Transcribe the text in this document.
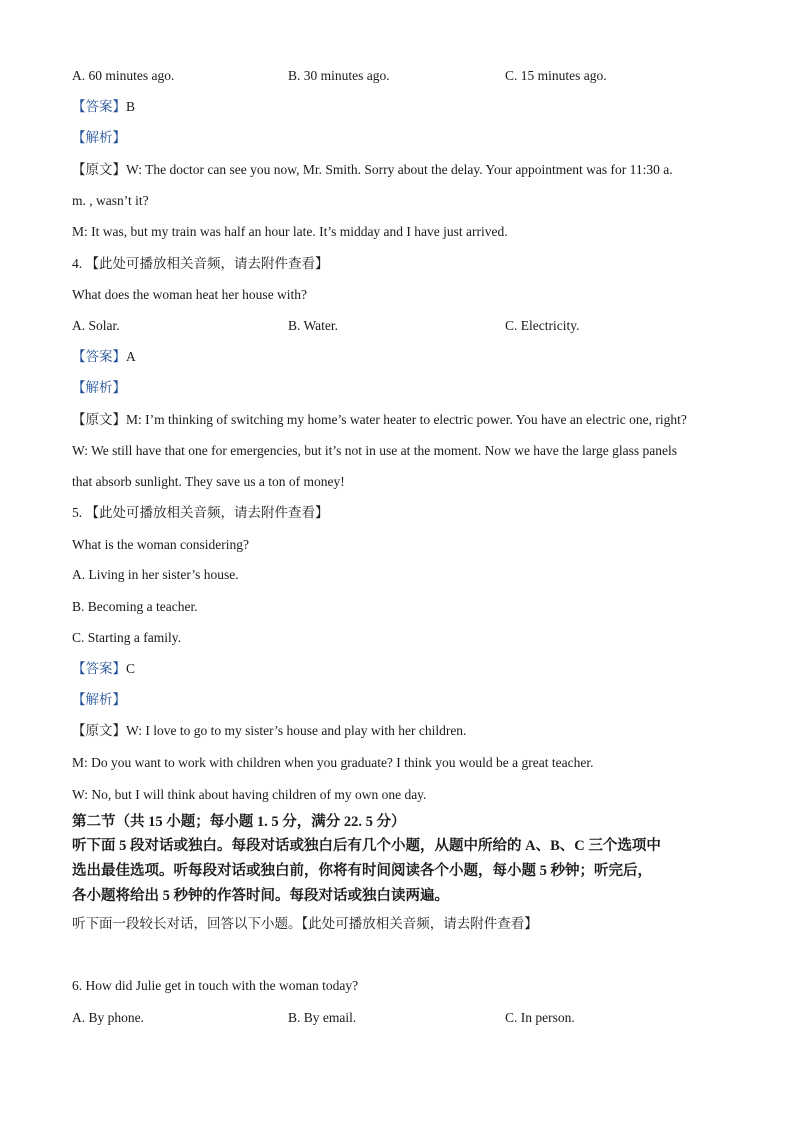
A. 60 minutes ago.	B. 30 minutes ago.	C. 15 minutes ago.
【答案】B
【解析】
【原文】W: The doctor can see you now, Mr. Smith. Sorry about the delay. Your appointment was for 11:30 a.
m. , wasn’t it?
M: It was, but my train was half an hour late. It’s midday and I have just arrived.
4. 【此处可播放相关音频，请去附件查看】
What does the woman heat her house with?
A. Solar.	B. Water.	C. Electricity.
【答案】A
【解析】
【原文】M: I’m thinking of switching my home’s water heater to electric power. You have an electric one, right?
W: We still have that one for emergencies, but it’s not in use at the moment. Now we have the large glass panels
that absorb sunlight. They save us a ton of money!
5. 【此处可播放相关音频，请去附件查看】
What is the woman considering?
A. Living in her sister’s house.
B. Becoming a teacher.
C. Starting a family.
【答案】C
【解析】
【原文】W: I love to go to my sister’s house and play with her children.
M: Do you want to work with children when you graduate? I think you would be a great teacher.
W: No, but I will think about having children of my own one day.
第二节（共 15 小题；每小题 1. 5 分，满分 22. 5 分）
听下面 5 段对话或独白。每段对话或独白后有几个小题，从题中所给的 A、B、C 三个选项中
选出最佳选项。听每段对话或独白前，你将有时间阅读各个小题，每小题 5 秒钟；听完后，
各小题将给出 5 秒钟的作答时间。每段对话或独白读两遍。
听下面一段较长对话，回答以下小题。【此处可播放相关音频，请去附件查看】
6. How did Julie get in touch with the woman today?
A. By phone.	B. By email.	C. In person.
